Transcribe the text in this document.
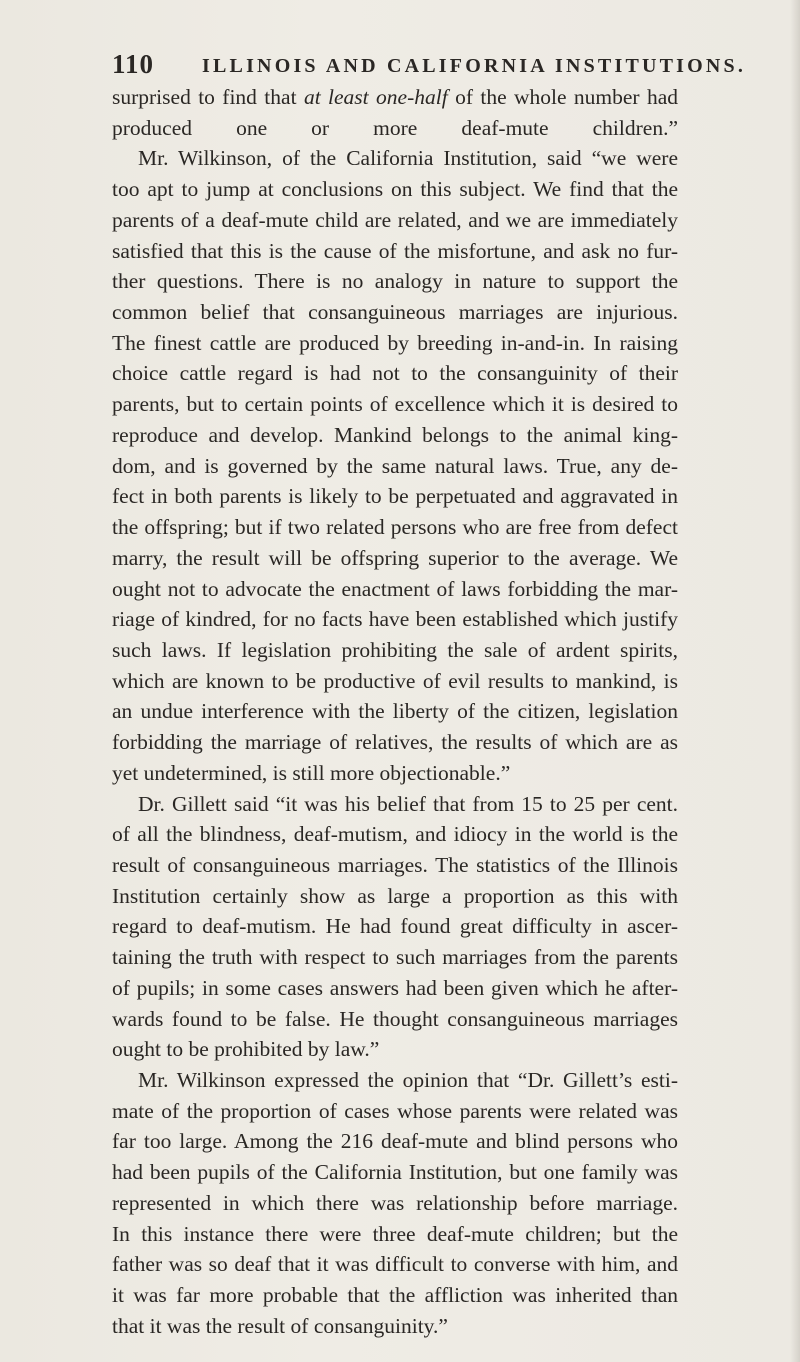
110 ILLINOIS AND CALIFORNIA INSTITUTIONS.
surprised to find that at least one-half of the whole number had
produced one or more deaf-mute children.”
Mr. Wilkinson, of the California Institution, said “we were
too apt to jump at conclusions on this subject. We find that the
parents of a deaf-mute child are related, and we are immediately
satisfied that this is the cause of the misfortune, and ask no fur-
ther questions. There is no analogy in nature to support the
common belief that consanguineous marriages are injurious.
The finest cattle are produced by breeding in-and-in. In raising
choice cattle regard is had not to the consanguinity of their
parents, but to certain points of excellence which it is desired to
reproduce and develop. Mankind belongs to the animal king-
dom, and is governed by the same natural laws. True, any de-
fect in both parents is likely to be perpetuated and aggravated in
the offspring; but if two related persons who are free from defect
marry, the result will be offspring superior to the average. We
ought not to advocate the enactment of laws forbidding the mar-
riage of kindred, for no facts have been established which justify
such laws. If legislation prohibiting the sale of ardent spirits,
which are known to be productive of evil results to mankind, is
an undue interference with the liberty of the citizen, legislation
forbidding the marriage of relatives, the results of which are as
yet undetermined, is still more objectionable.”
Dr. Gillett said “it was his belief that from 15 to 25 per cent.
of all the blindness, deaf-mutism, and idiocy in the world is the
result of consanguineous marriages. The statistics of the Illinois
Institution certainly show as large a proportion as this with
regard to deaf-mutism. He had found great difficulty in ascer-
taining the truth with respect to such marriages from the parents
of pupils; in some cases answers had been given which he after-
wards found to be false. He thought consanguineous marriages
ought to be prohibited by law.”
Mr. Wilkinson expressed the opinion that “Dr. Gillett’s esti-
mate of the proportion of cases whose parents were related was
far too large. Among the 216 deaf-mute and blind persons who
had been pupils of the California Institution, but one family was
represented in which there was relationship before marriage.
In this instance there were three deaf-mute children; but the
father was so deaf that it was difficult to converse with him, and
it was far more probable that the affliction was inherited than
that it was the result of consanguinity.”
